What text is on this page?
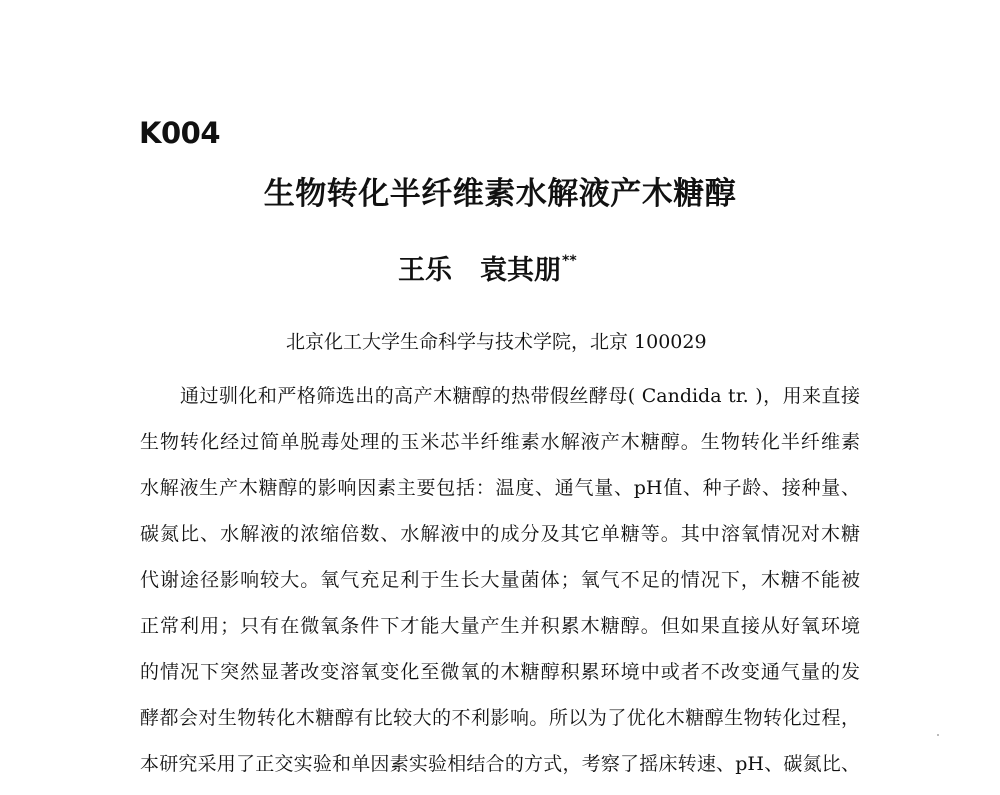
K004
生物转化半纤维素水解液产木糖醇
王乐 袁其朋**
北京化工大学生命科学与技术学院，北京 100029
通过驯化和严格筛选出的高产木糖醇的热带假丝酵母( Candida tr. )，用来直接
生物转化经过简单脱毒处理的玉米芯半纤维素水解液产木糖醇。生物转化半纤维素
水解液生产木糖醇的影响因素主要包括：温度、通气量、pH值、种子龄、接种量、
碳氮比、水解液的浓缩倍数、水解液中的成分及其它单糖等。其中溶氧情况对木糖
代谢途径影响较大。氧气充足利于生长大量菌体；氧气不足的情况下，木糖不能被
正常利用；只有在微氧条件下才能大量产生并积累木糖醇。但如果直接从好氧环境
的情况下突然显著改变溶氧变化至微氧的木糖醇积累环境中或者不改变通气量的发
酵都会对生物转化木糖醇有比较大的不利影响。所以为了优化木糖醇生物转化过程，
本研究采用了正交实验和单因素实验相结合的方式，考察了摇床转速、pH、碳氮比、
